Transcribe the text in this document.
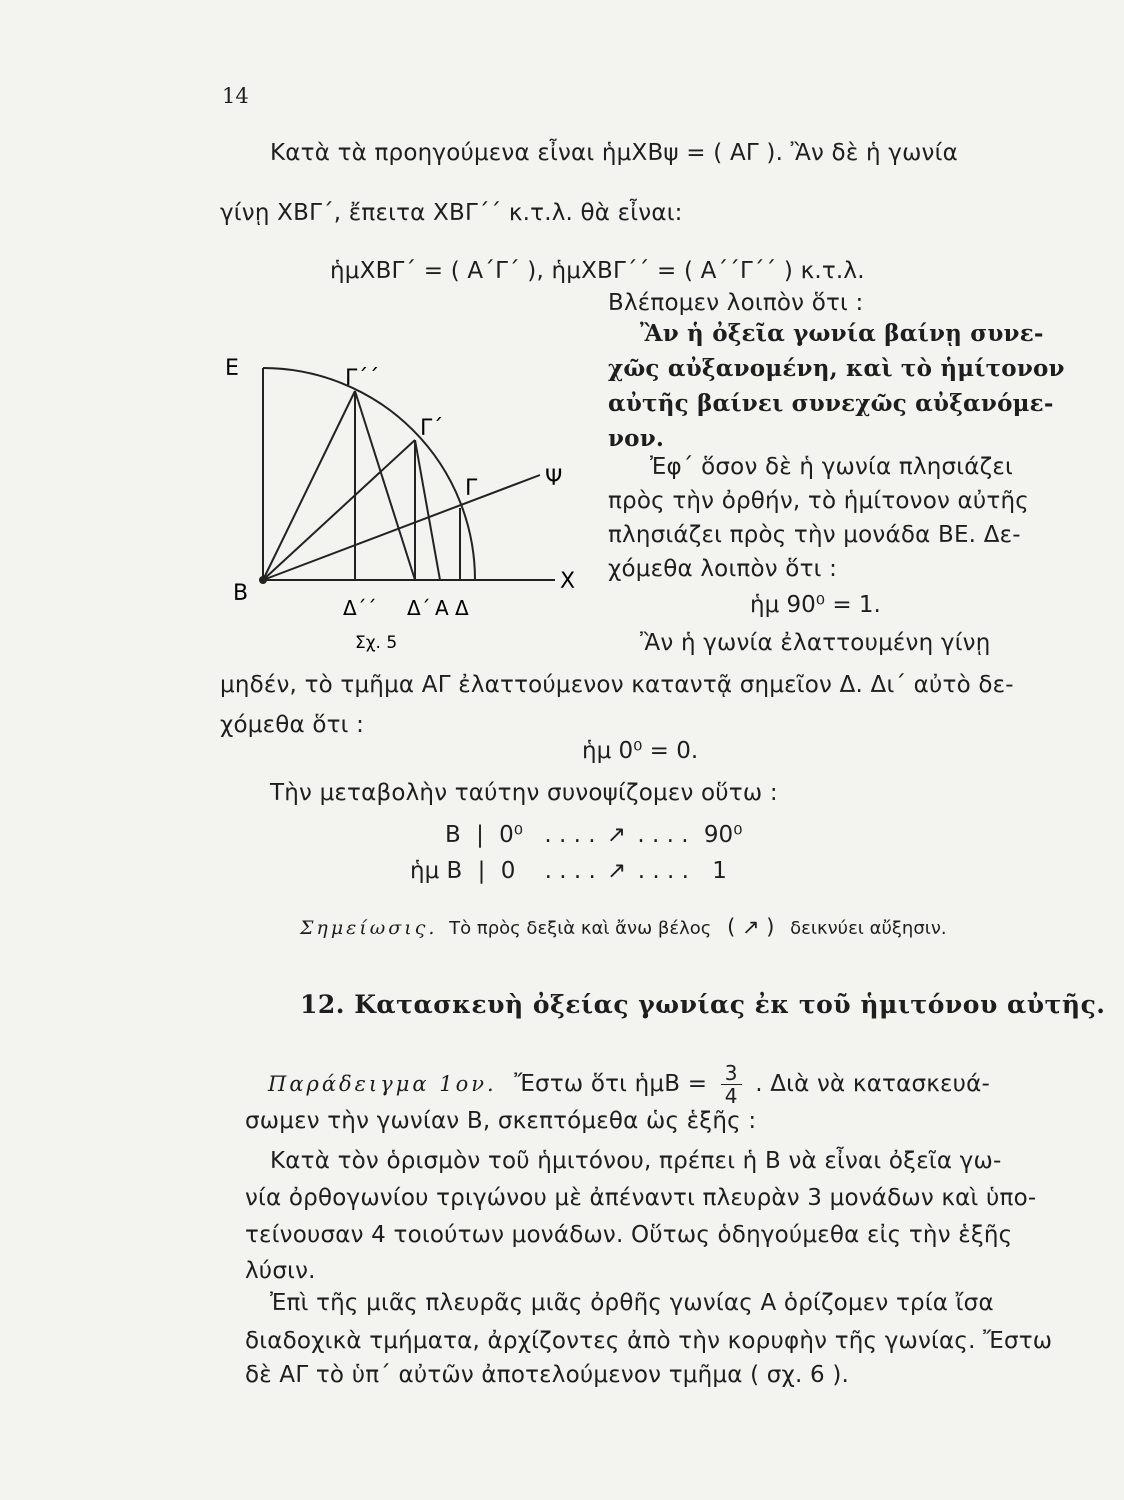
14
Κατὰ τὰ προηγούμενα εἶναι ἡμΧΒψ = ( ΑΓ ). Ἂν δὲ ἡ γωνία
γίνῃ ΧΒΓ΄, ἔπειτα ΧΒΓ΄΄ κ.τ.λ. θὰ εἶναι:
ἡμΧΒΓ΄ = ( Α΄Γ΄ ), ἡμΧΒΓ΄΄ = ( Α΄΄Γ΄΄ ) κ.τ.λ.
Βλέπομεν λοιπὸν ὅτι :
Ἂν ἡ ὀξεῖα γωνία βαίνῃ συνε-
χῶς αὐξανομένη, καὶ τὸ ἡμίτονον
αὐτῆς βαίνει συνεχῶς αὐξανόμε-
νον.
Ἐφ΄ ὅσον δὲ ἡ γωνία πλησιάζει
πρὸς τὴν ὀρθήν, τὸ ἡμίτονον αὐτῆς
πλησιάζει πρὸς τὴν μονάδα ΒΕ. Δε-
χόμεθα λοιπὸν ὅτι :
ἡμ 90⁰ = 1.
Ἂν ἡ γωνία ἐλαττουμένη γίνῃ
Ε	Γ΄΄
Γ΄
Γ	Ψ
Β	Χ
Δ΄΄ Δ΄ Α Δ
Σχ. 5
μηδέν, τὸ τμῆμα ΑΓ ἐλαττούμενον καταντᾷ σημεῖον Δ. Δι΄ αὐτὸ δε-
χόμεθα ὅτι :
ἡμ 0⁰ = 0.
Τὴν μεταβολὴν ταύτην συνοψίζομεν οὕτω :
Β | 0⁰ . . . . ↗ . . . . 90⁰
ἡμ Β | 0 . . . . ↗ . . . . 1
Σημείωσις. Τὸ πρὸς δεξιὰ καὶ ἄνω βέλος ( ↗ ) δεικνύει αὔξησιν.
12. Κατασκευὴ ὀξείας γωνίας ἐκ τοῦ ἡμιτόνου αὐτῆς.
Παράδειγμα 1ον. Ἔστω ὅτι ἡμΒ = $\frac{3}{4}$ . Διὰ νὰ κατασκευά-
σωμεν τὴν γωνίαν Β, σκεπτόμεθα ὡς ἑξῆς :
Κατὰ τὸν ὁρισμὸν τοῦ ἡμιτόνου, πρέπει ἡ Β νὰ εἶναι ὀξεῖα γω-
νία ὀρθογωνίου τριγώνου μὲ ἀπέναντι πλευρὰν 3 μονάδων καὶ ὑπο-
τείνουσαν 4 τοιούτων μονάδων. Οὕτως ὁδηγούμεθα εἰς τὴν ἑξῆς
λύσιν.
Ἐπὶ τῆς μιᾶς πλευρᾶς μιᾶς ὀρθῆς γωνίας Α ὁρίζομεν τρία ἴσα
διαδοχικὰ τμήματα, ἀρχίζοντες ἀπὸ τὴν κορυφὴν τῆς γωνίας. Ἔστω
δὲ ΑΓ τὸ ὑπ΄ αὐτῶν ἀποτελούμενον τμῆμα ( σχ. 6 ).
